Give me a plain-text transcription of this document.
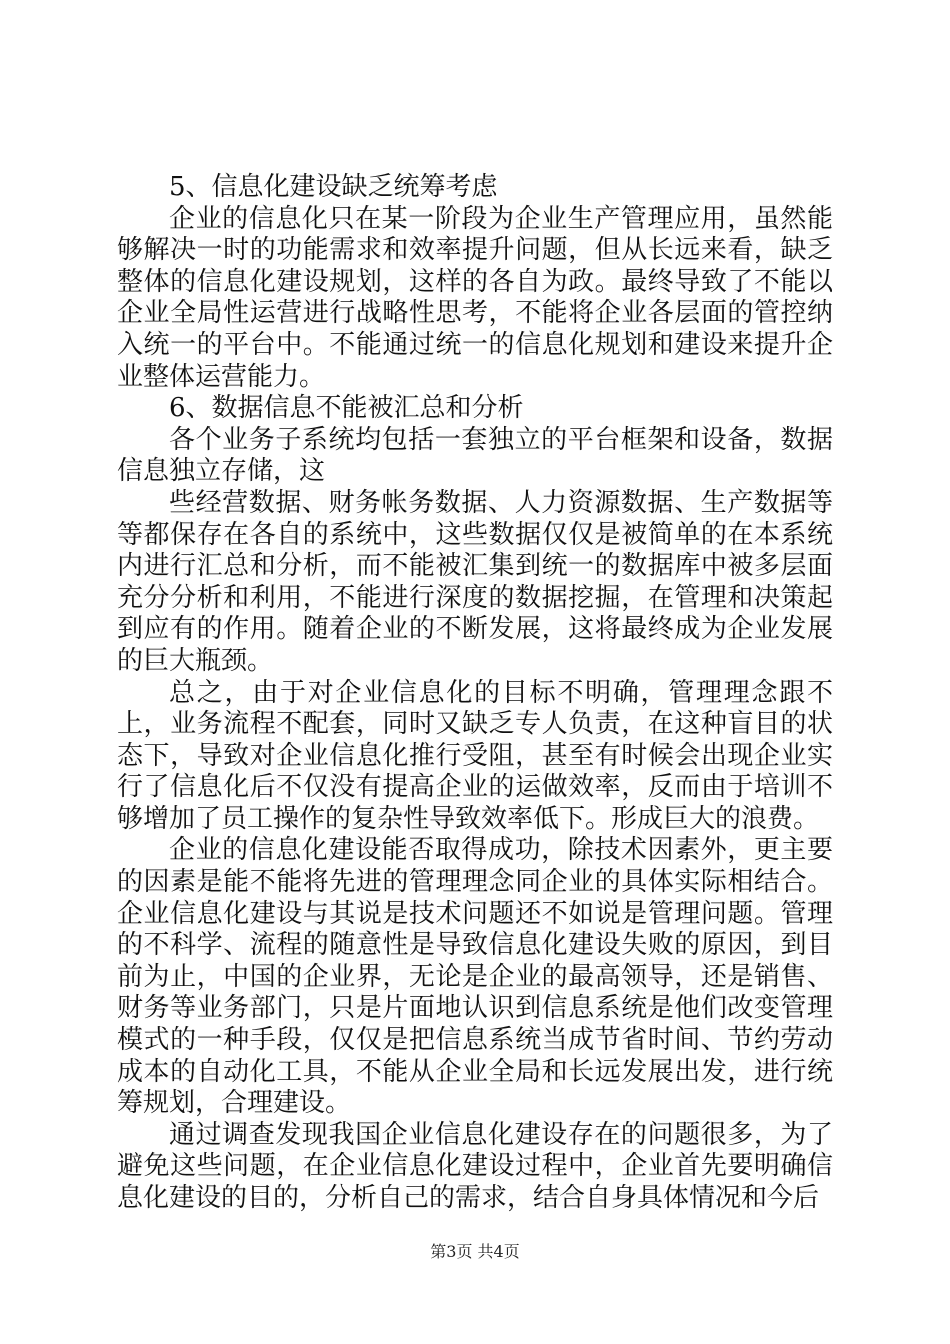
5、信息化建设缺乏统筹考虑

企业的信息化只在某一阶段为企业生产管理应用，虽然能够解决一时的功能需求和效率提升问题，但从长远来看，缺乏整体的信息化建设规划，这样的各自为政。最终导致了不能以企业全局性运营进行战略性思考，不能将企业各层面的管控纳入统一的平台中。不能通过统一的信息化规划和建设来提升企业整体运营能力。

6、数据信息不能被汇总和分析

各个业务子系统均包括一套独立的平台框架和设备，数据信息独立存储，这

些经营数据、财务帐务数据、人力资源数据、生产数据等等都保存在各自的系统中，这些数据仅仅是被简单的在本系统内进行汇总和分析，而不能被汇集到统一的数据库中被多层面充分分析和利用，不能进行深度的数据挖掘，在管理和决策起到应有的作用。随着企业的不断发展，这将最终成为企业发展的巨大瓶颈。

总之，由于对企业信息化的目标不明确，管理理念跟不上，业务流程不配套，同时又缺乏专人负责，在这种盲目的状态下，导致对企业信息化推行受阻，甚至有时候会出现企业实行了信息化后不仅没有提高企业的运做效率，反而由于培训不够增加了员工操作的复杂性导致效率低下。形成巨大的浪费。

企业的信息化建设能否取得成功，除技术因素外，更主要的因素是能不能将先进的管理理念同企业的具体实际相结合。企业信息化建设与其说是技术问题还不如说是管理问题。管理的不科学、流程的随意性是导致信息化建设失败的原因，到目前为止，中国的企业界，无论是企业的最高领导，还是销售、财务等业务部门，只是片面地认识到信息系统是他们改变管理模式的一种手段，仅仅是把信息系统当成节省时间、节约劳动成本的自动化工具，不能从企业全局和长远发展出发，进行统筹规划，合理建设。

通过调查发现我国企业信息化建设存在的问题很多，为了避免这些问题，在企业信息化建设过程中，企业首先要明确信息化建设的目的，分析自己的需求，结合自身具体情况和今后

第3页 共4页
